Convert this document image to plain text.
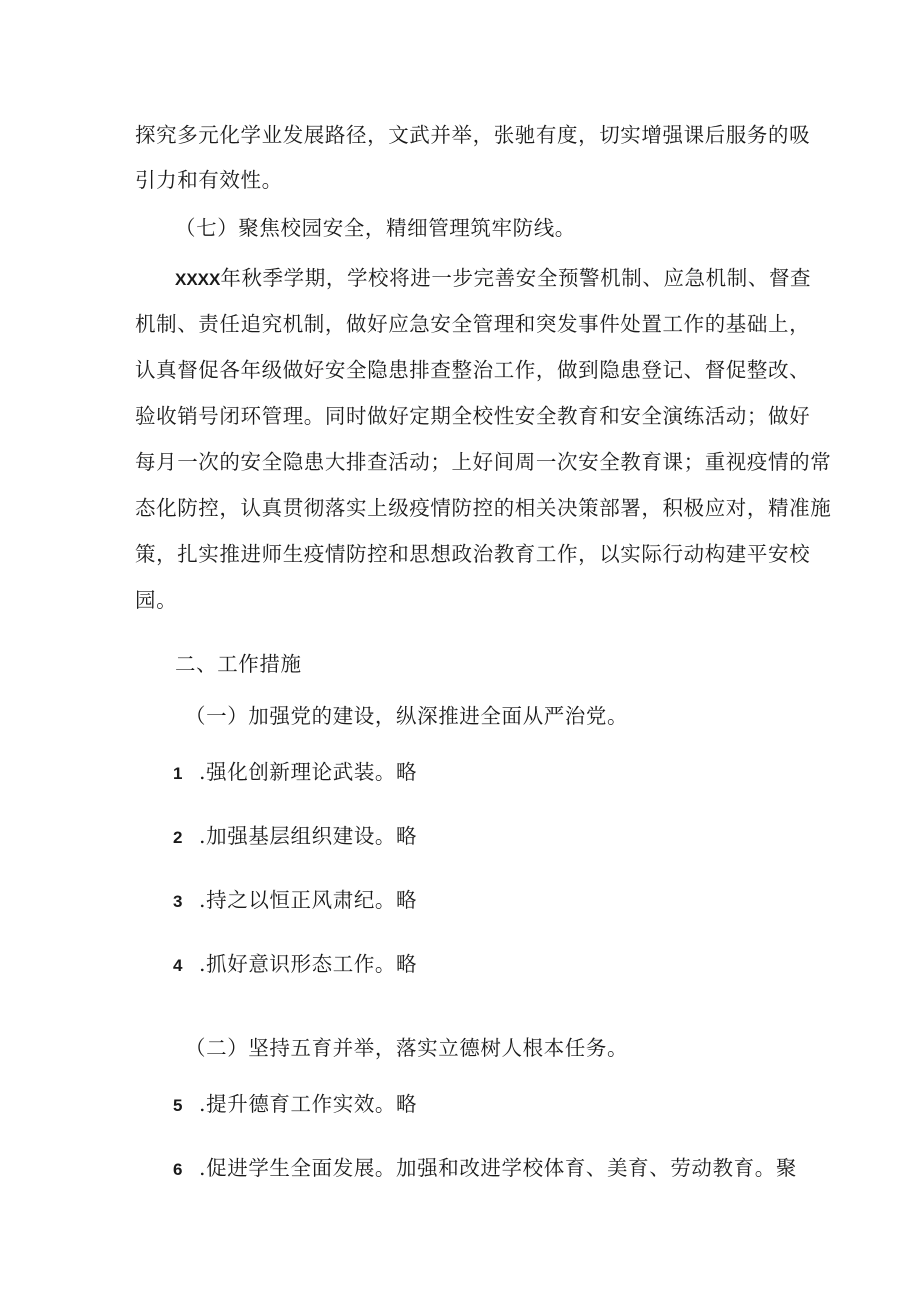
探究多元化学业发展路径，文武并举，张驰有度，切实增强课后服务的吸
引力和有效性。
（七）聚焦校园安全，精细管理筑牢防线。
XXXX年秋季学期，学校将进一步完善安全预警机制、应急机制、督查
机制、责任追究机制，做好应急安全管理和突发事件处置工作的基础上，
认真督促各年级做好安全隐患排查整治工作，做到隐患登记、督促整改、
验收销号闭环管理。同时做好定期全校性安全教育和安全演练活动；做好
每月一次的安全隐患大排查活动；上好间周一次安全教育课；重视疫情的常
态化防控，认真贯彻落实上级疫情防控的相关决策部署，积极应对，精准施
策，扎实推进师生疫情防控和思想政治教育工作，以实际行动构建平安校
园。
二、工作措施
（一）加强党的建设，纵深推进全面从严治党。
1 .强化创新理论武装。略
2 .加强基层组织建设。略
3 .持之以恒正风肃纪。略
4 .抓好意识形态工作。略
（二）坚持五育并举，落实立德树人根本任务。
5 .提升德育工作实效。略
6 .促进学生全面发展。加强和改进学校体育、美育、劳动教育。聚
